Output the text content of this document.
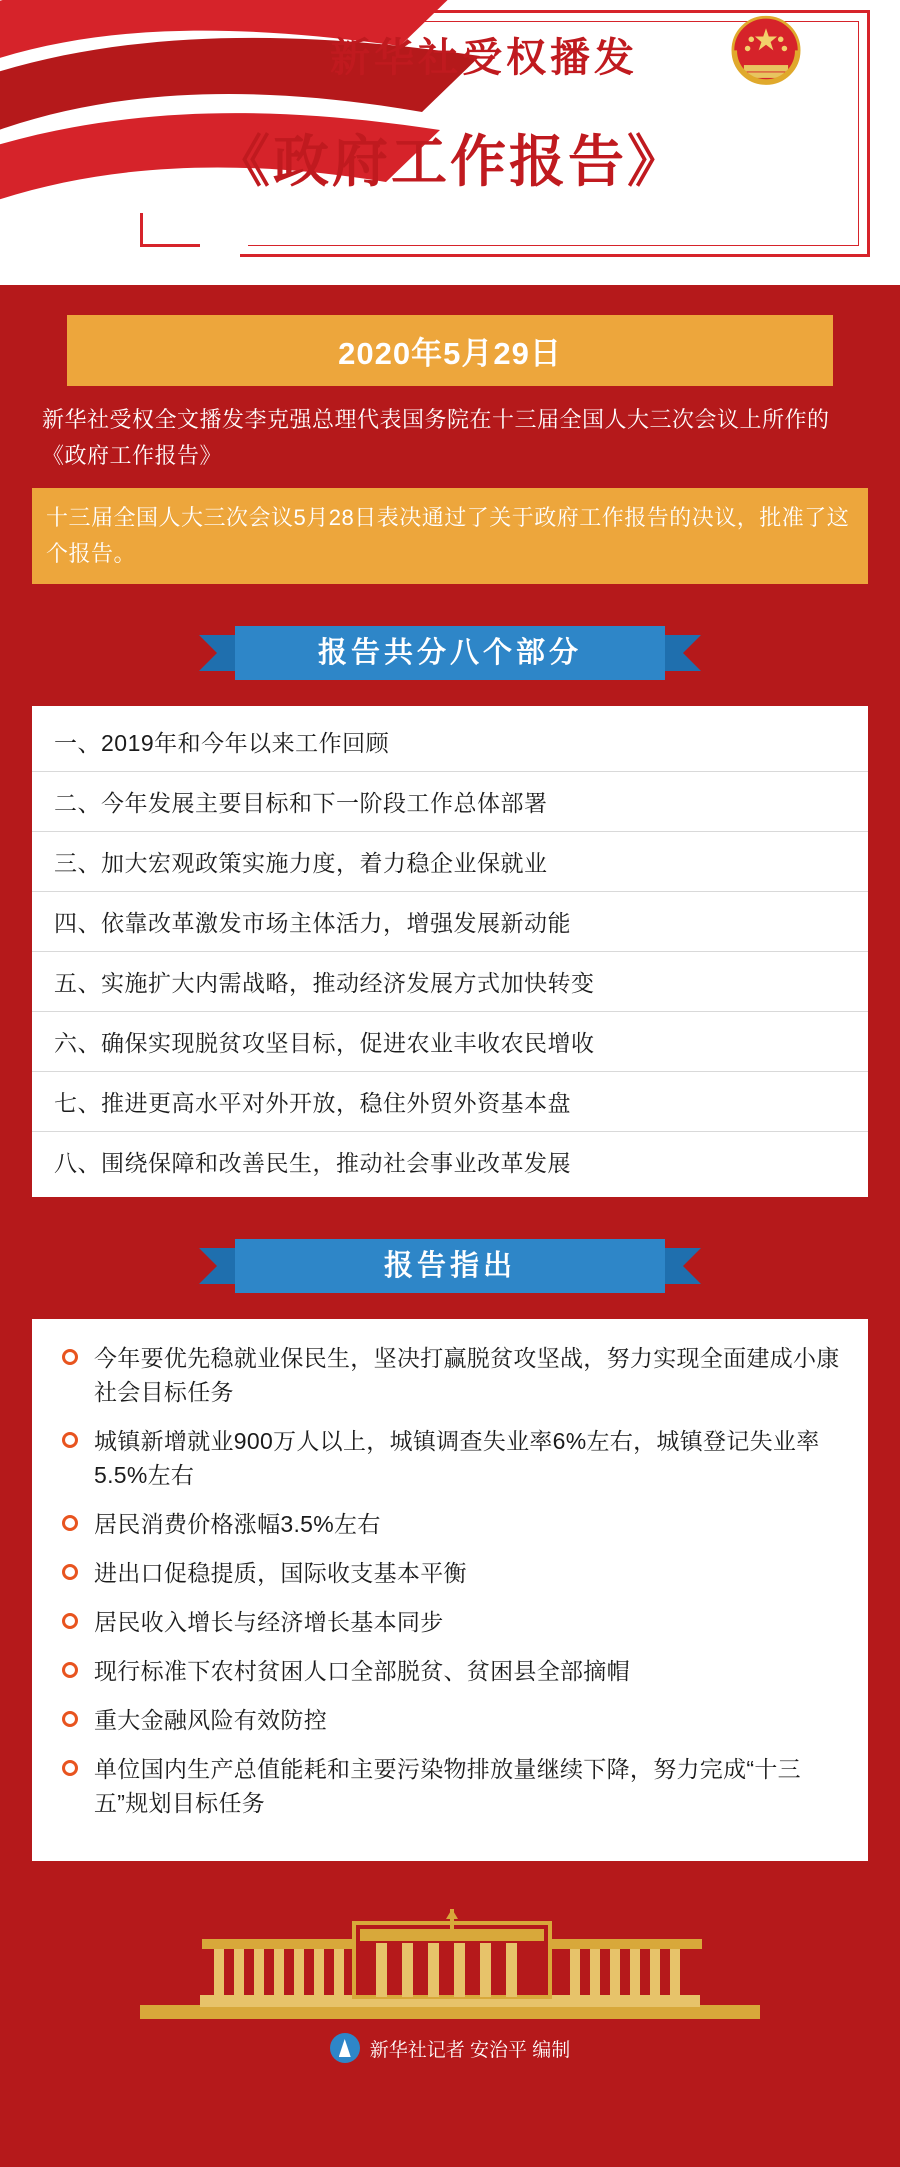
新华社受权播发
《政府工作报告》
2020年5月29日
新华社受权全文播发李克强总理代表国务院在十三届全国人大三次会议上所作的《政府工作报告》
十三届全国人大三次会议5月28日表决通过了关于政府工作报告的决议，批准了这个报告。
报告共分八个部分
一、2019年和今年以来工作回顾
二、今年发展主要目标和下一阶段工作总体部署
三、加大宏观政策实施力度，着力稳企业保就业
四、依靠改革激发市场主体活力，增强发展新动能
五、实施扩大内需战略，推动经济发展方式加快转变
六、确保实现脱贫攻坚目标，促进农业丰收农民增收
七、推进更高水平对外开放，稳住外贸外资基本盘
八、围绕保障和改善民生，推动社会事业改革发展
报告指出
今年要优先稳就业保民生，坚决打赢脱贫攻坚战，努力实现全面建成小康社会目标任务
城镇新增就业900万人以上，城镇调查失业率6%左右，城镇登记失业率5.5%左右
居民消费价格涨幅3.5%左右
进出口促稳提质，国际收支基本平衡
居民收入增长与经济增长基本同步
现行标准下农村贫困人口全部脱贫、贫困县全部摘帽
重大金融风险有效防控
单位国内生产总值能耗和主要污染物排放量继续下降，努力完成“十三五”规划目标任务
新华社记者 安治平 编制
